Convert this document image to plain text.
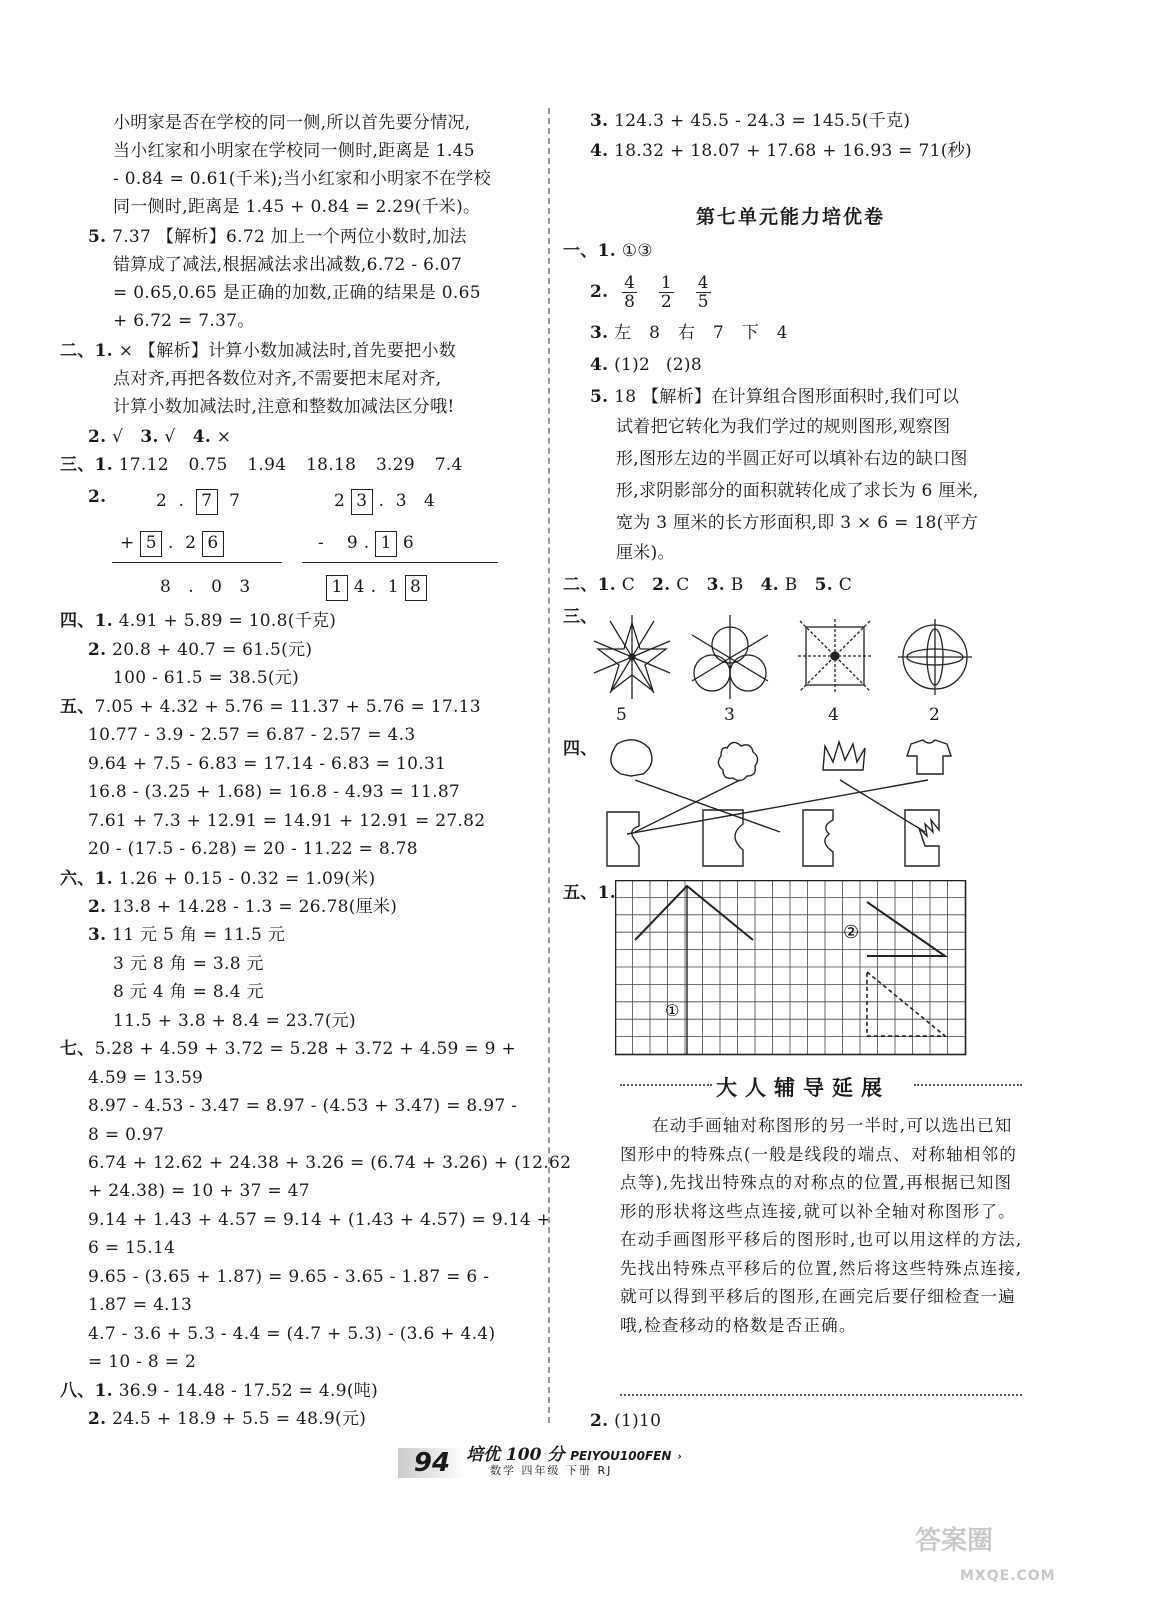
小明家是否在学校的同一侧,所以首先要分情况,
当小红家和小明家在学校同一侧时,距离是 1.45
- 0.84 = 0.61(千米);当小红家和小明家不在学校
同一侧时,距离是 1.45 + 0.84 = 2.29(千米)。
5. 7.37 【解析】6.72 加上一个两位小数时,加法
错算成了减法,根据减法求出减数,6.72 - 6.07
= 0.65,0.65 是正确的加数,正确的结果是 0.65
+ 6.72 = 7.37。
二、1. × 【解析】计算小数加减法时,首先要把小数
点对齐,再把各数位对齐,不需要把末尾对齐,
计算小数加减法时,注意和整数加减法区分哦!
2. √ 3. √ 4. ×
三、1. 17.12 0.75 1.94 18.18 3.29 7.4
2.	2 . 7 7
+ 5 . 2 6
8 . 0 3
2 3 . 3 4
- 9 . 1 6
1 4 . 1 8
四、1. 4.91 + 5.89 = 10.8(千克)
2. 20.8 + 40.7 = 61.5(元)
100 - 61.5 = 38.5(元)
五、7.05 + 4.32 + 5.76 = 11.37 + 5.76 = 17.13
10.77 - 3.9 - 2.57 = 6.87 - 2.57 = 4.3
9.64 + 7.5 - 6.83 = 17.14 - 6.83 = 10.31
16.8 - (3.25 + 1.68) = 16.8 - 4.93 = 11.87
7.61 + 7.3 + 12.91 = 14.91 + 12.91 = 27.82
20 - (17.5 - 6.28) = 20 - 11.22 = 8.78
六、1. 1.26 + 0.15 - 0.32 = 1.09(米)
2. 13.8 + 14.28 - 1.3 = 26.78(厘米)
3. 11 元 5 角 = 11.5 元
3 元 8 角 = 3.8 元
8 元 4 角 = 8.4 元
11.5 + 3.8 + 8.4 = 23.7(元)
七、5.28 + 4.59 + 3.72 = 5.28 + 3.72 + 4.59 = 9 +
4.59 = 13.59
8.97 - 4.53 - 3.47 = 8.97 - (4.53 + 3.47) = 8.97 -
8 = 0.97
6.74 + 12.62 + 24.38 + 3.26 = (6.74 + 3.26) + (12.62
+ 24.38) = 10 + 37 = 47
9.14 + 1.43 + 4.57 = 9.14 + (1.43 + 4.57) = 9.14 +
6 = 15.14
9.65 - (3.65 + 1.87) = 9.65 - 3.65 - 1.87 = 6 -
1.87 = 4.13
4.7 - 3.6 + 5.3 - 4.4 = (4.7 + 5.3) - (3.6 + 4.4)
= 10 - 8 = 2
八、1. 36.9 - 14.48 - 17.52 = 4.9(吨)
2. 24.5 + 18.9 + 5.5 = 48.9(元)
3. 124.3 + 45.5 - 24.3 = 145.5(千克)
4. 18.32 + 18.07 + 17.68 + 16.93 = 71(秒)
第七单元能力培优卷
一、1. ①③
2. $\frac{4}{8}$
$\frac{1}{2}$
$\frac{4}{5}$
3. 左 8 右 7 下 4
4. (1)2 (2)8
5. 18 【解析】在计算组合图形面积时,我们可以
试着把它转化为我们学过的规则图形,观察图
形,图形左边的半圆正好可以填补右边的缺口图
形,求阴影部分的面积就转化成了求长为 6 厘米,
宽为 3 厘米的长方形面积,即 3 × 6 = 18(平方
厘米)。
二、1. C 2. C 3. B 4. B 5. C
三、
5	3	4	2
四、
五、1.
②
①
大人辅导延展
在动手画轴对称图形的另一半时,可以选出已知图形中的特殊点(一般是线段的端点、对称轴相邻的点等),先找出特殊点的对称点的位置,再根据已知图形的形状将这些点连接,就可以补全轴对称图形了。在动手画图形平移后的图形时,也可以用这样的方法,先找出特殊点平移后的位置,然后将这些特殊点连接,就可以得到平移后的图形,在画完后要仔细检查一遍哦,检查移动的格数是否正确。
2. (1)10
94 培优 100 分 PEIYOU100FEN ›
数学 四年级 下册 RJ
答案圈
MXQE.COM
